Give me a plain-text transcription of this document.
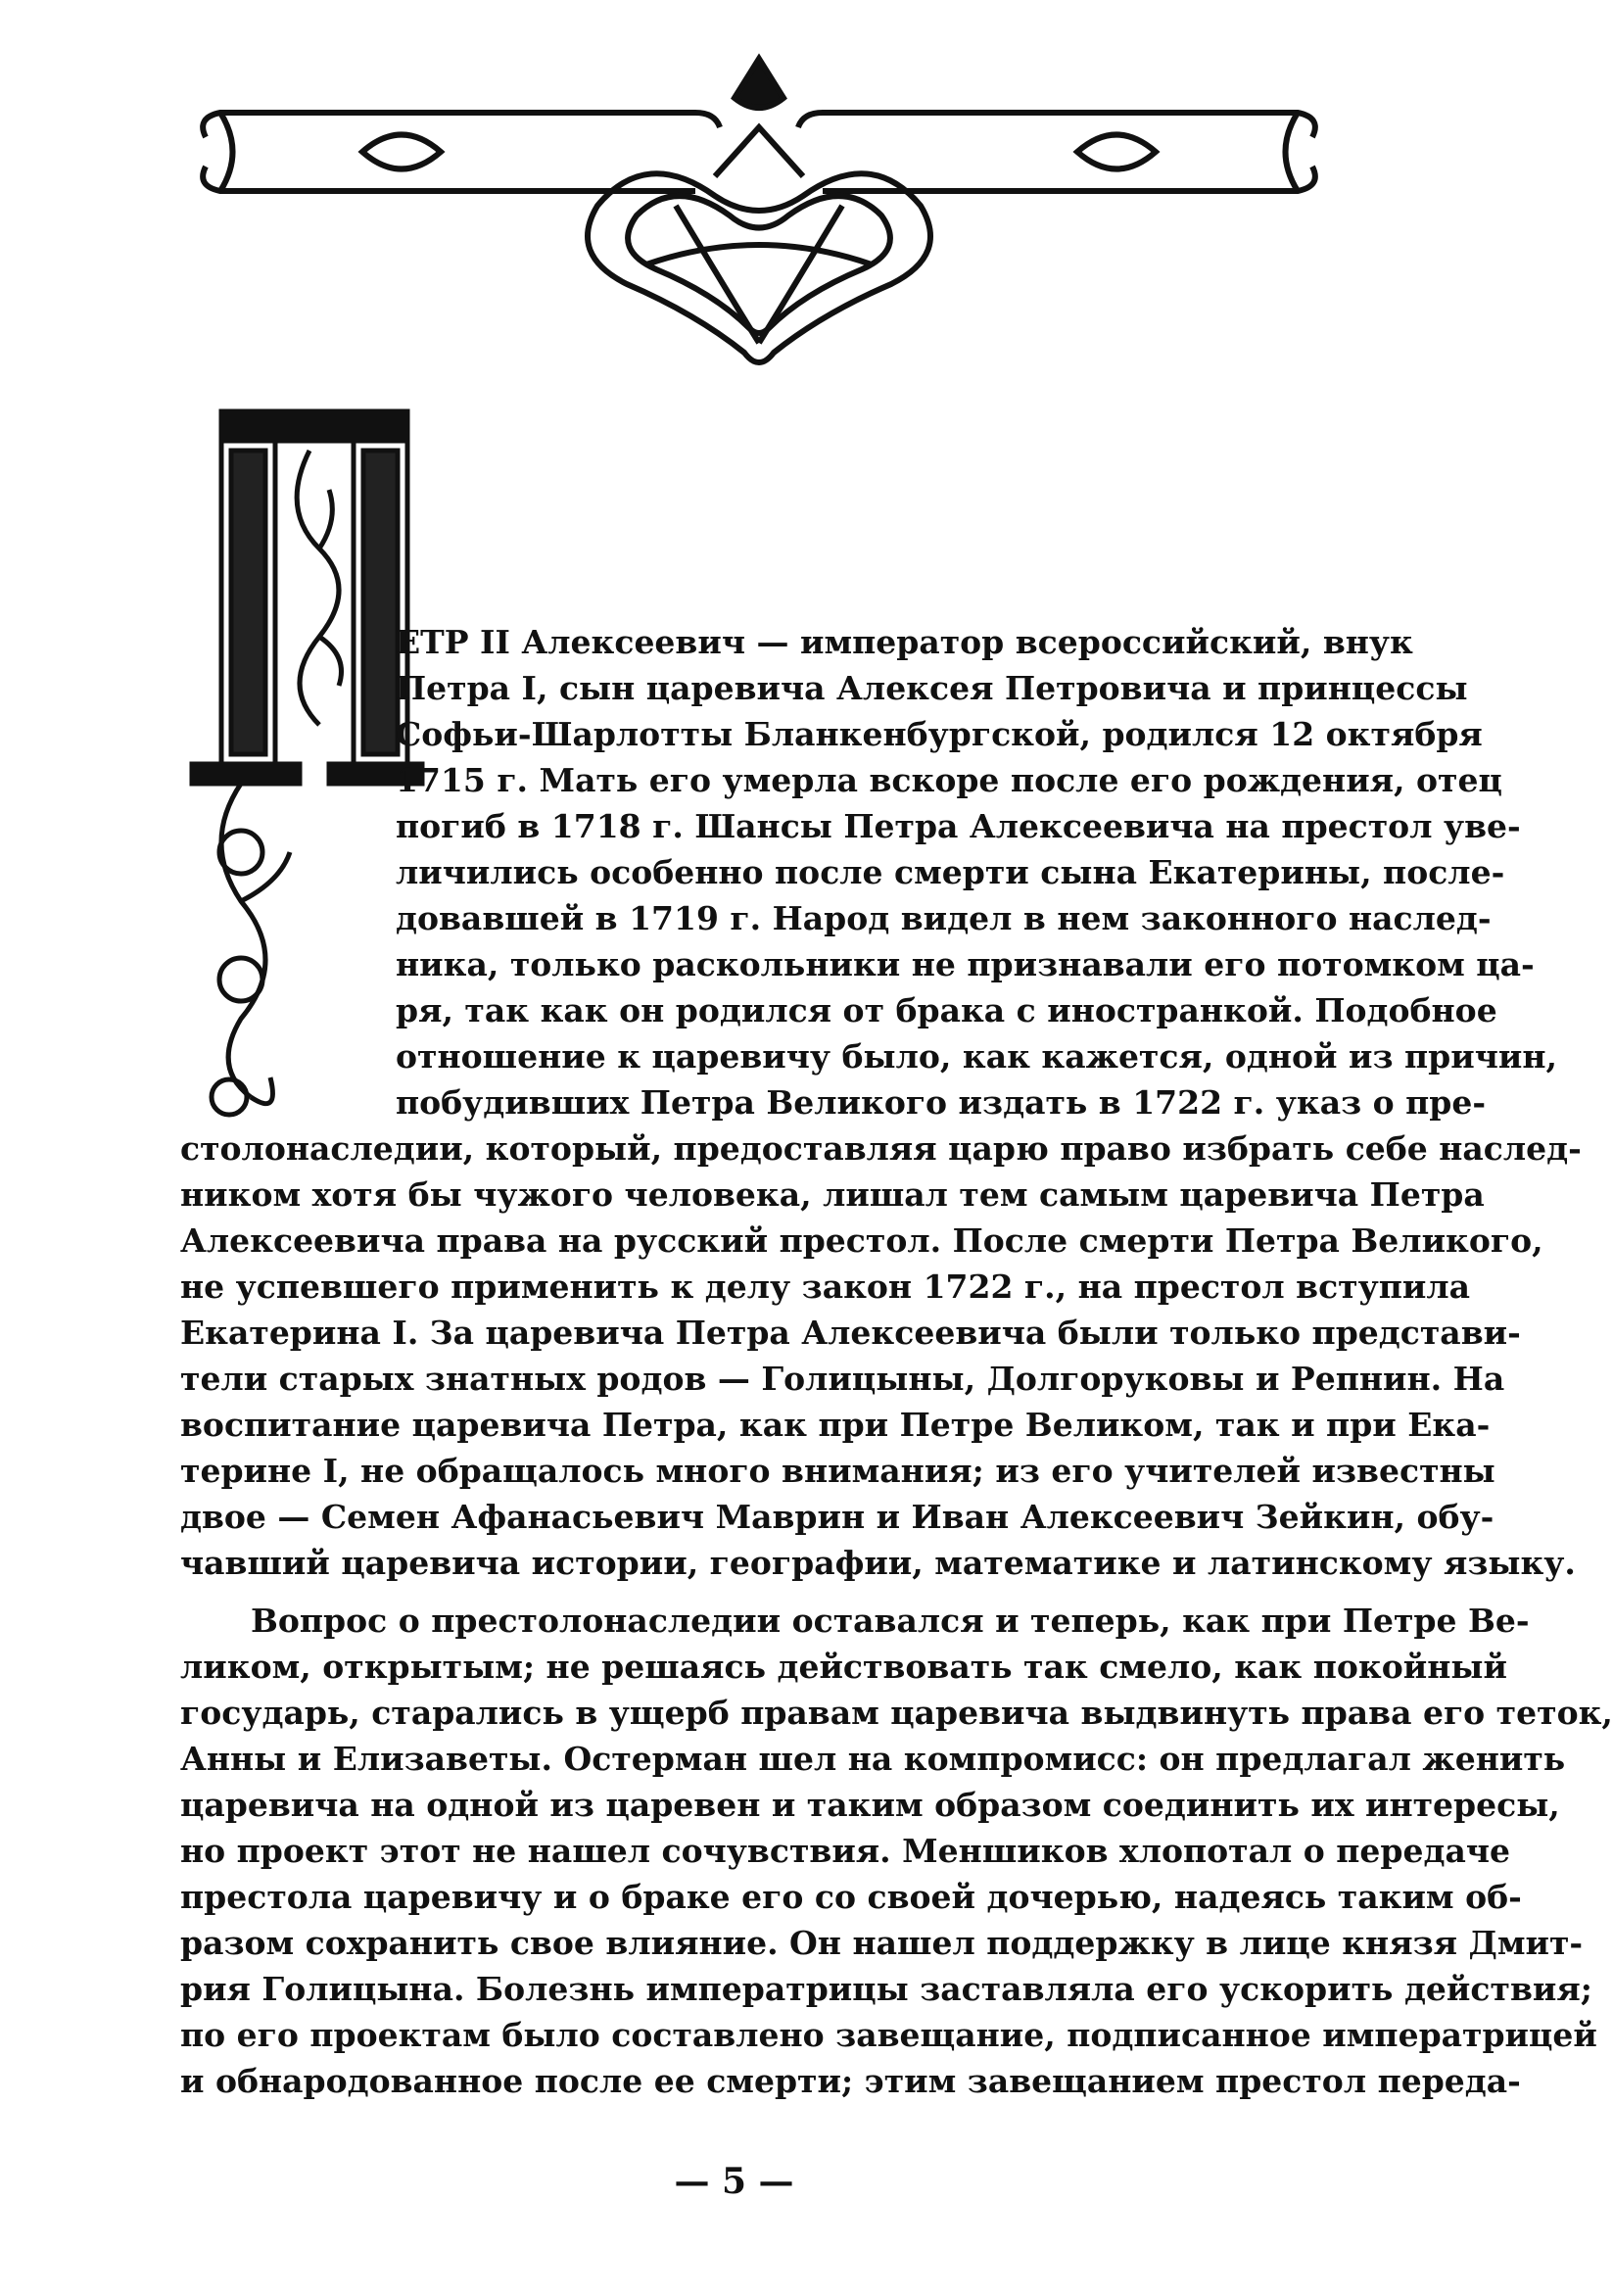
ЕТР II Алексеевич — император всероссийский, внук
Петра I, сын царевича Алексея Петровича и принцессы
Софьи-Шарлотты Бланкенбургской, родился 12 октября
1715 г. Мать его умерла вскоре после его рождения, отец
погиб в 1718 г. Шансы Петра Алексеевича на престол уве-
личились особенно после смерти сына Екатерины, после-
довавшей в 1719 г. Народ видел в нем законного наслед-
ника, только раскольники не признавали его потомком ца-
ря, так как он родился от брака с иностранкой. Подобное
отношение к царевичу было, как кажется, одной из причин,
побудивших Петра Великого издать в 1722 г. указ о пре-
столонаследии, который, предоставляя царю право избрать себе наслед-
ником хотя бы чужого человека, лишал тем самым царевича Петра
Алексеевича права на русский престол. После смерти Петра Великого,
не успевшего применить к делу закон 1722 г., на престол вступила
Екатерина I. За царевича Петра Алексеевича были только представи-
тели старых знатных родов — Голицыны, Долгоруковы и Репнин. На
воспитание царевича Петра, как при Петре Великом, так и при Ека-
терине I, не обращалось много внимания; из его учителей известны
двое — Семен Афанасьевич Маврин и Иван Алексеевич Зейкин, обу-
чавший царевича истории, географии, математике и латинскому языку.
Вопрос о престолонаследии оставался и теперь, как при Петре Ве-
ликом, открытым; не решаясь действовать так смело, как покойный
государь, старались в ущерб правам царевича выдвинуть права его теток,
Анны и Елизаветы. Остерман шел на компромисс: он предлагал женить
царевича на одной из царевен и таким образом соединить их интересы,
но проект этот не нашел сочувствия. Меншиков хлопотал о передаче
престола царевичу и о браке его со своей дочерью, надеясь таким об-
разом сохранить свое влияние. Он нашел поддержку в лице князя Дмит-
рия Голицына. Болезнь императрицы заставляла его ускорить действия;
по его проектам было составлено завещание, подписанное императрицей
и обнародованное после ее смерти; этим завещанием престол переда-
— 5 —
